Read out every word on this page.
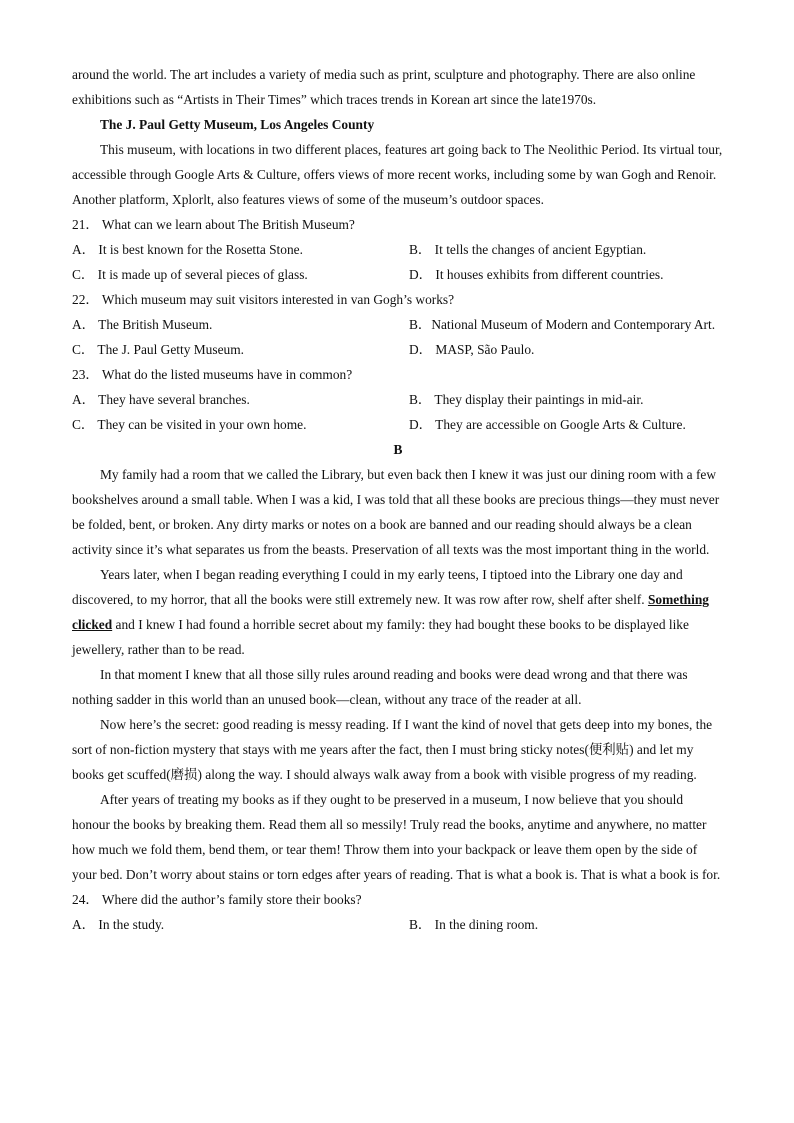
around the world. The art includes a variety of media such as print, sculpture and photography. There are also online exhibitions such as “Artists in Their Times” which traces trends in Korean art since the late1970s.

The J. Paul Getty Museum, Los Angeles County

This museum, with locations in two different places, features art going back to The Neolithic Period. Its virtual tour, accessible through Google Arts & Culture, offers views of more recent works, including some by wan Gogh and Renoir. Another platform, Xplorlt, also features views of some of the museum’s outdoor spaces.

21． What can we learn about The British Museum?

A． It is best known for the Rosetta Stone.	B． It tells the changes of ancient Egyptian.
C． It is made up of several pieces of glass.	D． It houses exhibits from different countries.

22． Which museum may suit visitors interested in van Gogh’s works?

A． The British Museum.	B．National Museum of Modern and Contemporary Art.
C． The J. Paul Getty Museum.	D． MASP, São Paulo.

23． What do the listed museums have in common?

A． They have several branches.	B． They display their paintings in mid-air.
C． They can be visited in your own home.	D． They are accessible on Google Arts & Culture.

B

My family had a room that we called the Library, but even back then I knew it was just our dining room with a few bookshelves around a small table. When I was a kid, I was told that all these books are precious things—they must never be folded, bent, or broken. Any dirty marks or notes on a book are banned and our reading should always be a clean activity since it’s what separates us from the beasts. Preservation of all texts was the most important thing in the world.

Years later, when I began reading everything I could in my early teens, I tiptoed into the Library one day and discovered, to my horror, that all the books were still extremely new. It was row after row, shelf after shelf. Something clicked and I knew I had found a horrible secret about my family: they had bought these books to be displayed like jewellery, rather than to be read.

In that moment I knew that all those silly rules around reading and books were dead wrong and that there was nothing sadder in this world than an unused book—clean, without any trace of the reader at all.

Now here’s the secret: good reading is messy reading. If I want the kind of novel that gets deep into my bones, the sort of non-fiction mystery that stays with me years after the fact, then I must bring sticky notes(便利贴) and let my books get scuffed(磨损) along the way. I should always walk away from a book with visible progress of my reading.

After years of treating my books as if they ought to be preserved in a museum, I now believe that you should honour the books by breaking them. Read them all so messily! Truly read the books, anytime and anywhere, no matter how much we fold them, bend them, or tear them! Throw them into your backpack or leave them open by the side of your bed. Don’t worry about stains or torn edges after years of reading. That is what a book is. That is what a book is for.

24． Where did the author’s family store their books?

A． In the study.	B． In the dining room.
